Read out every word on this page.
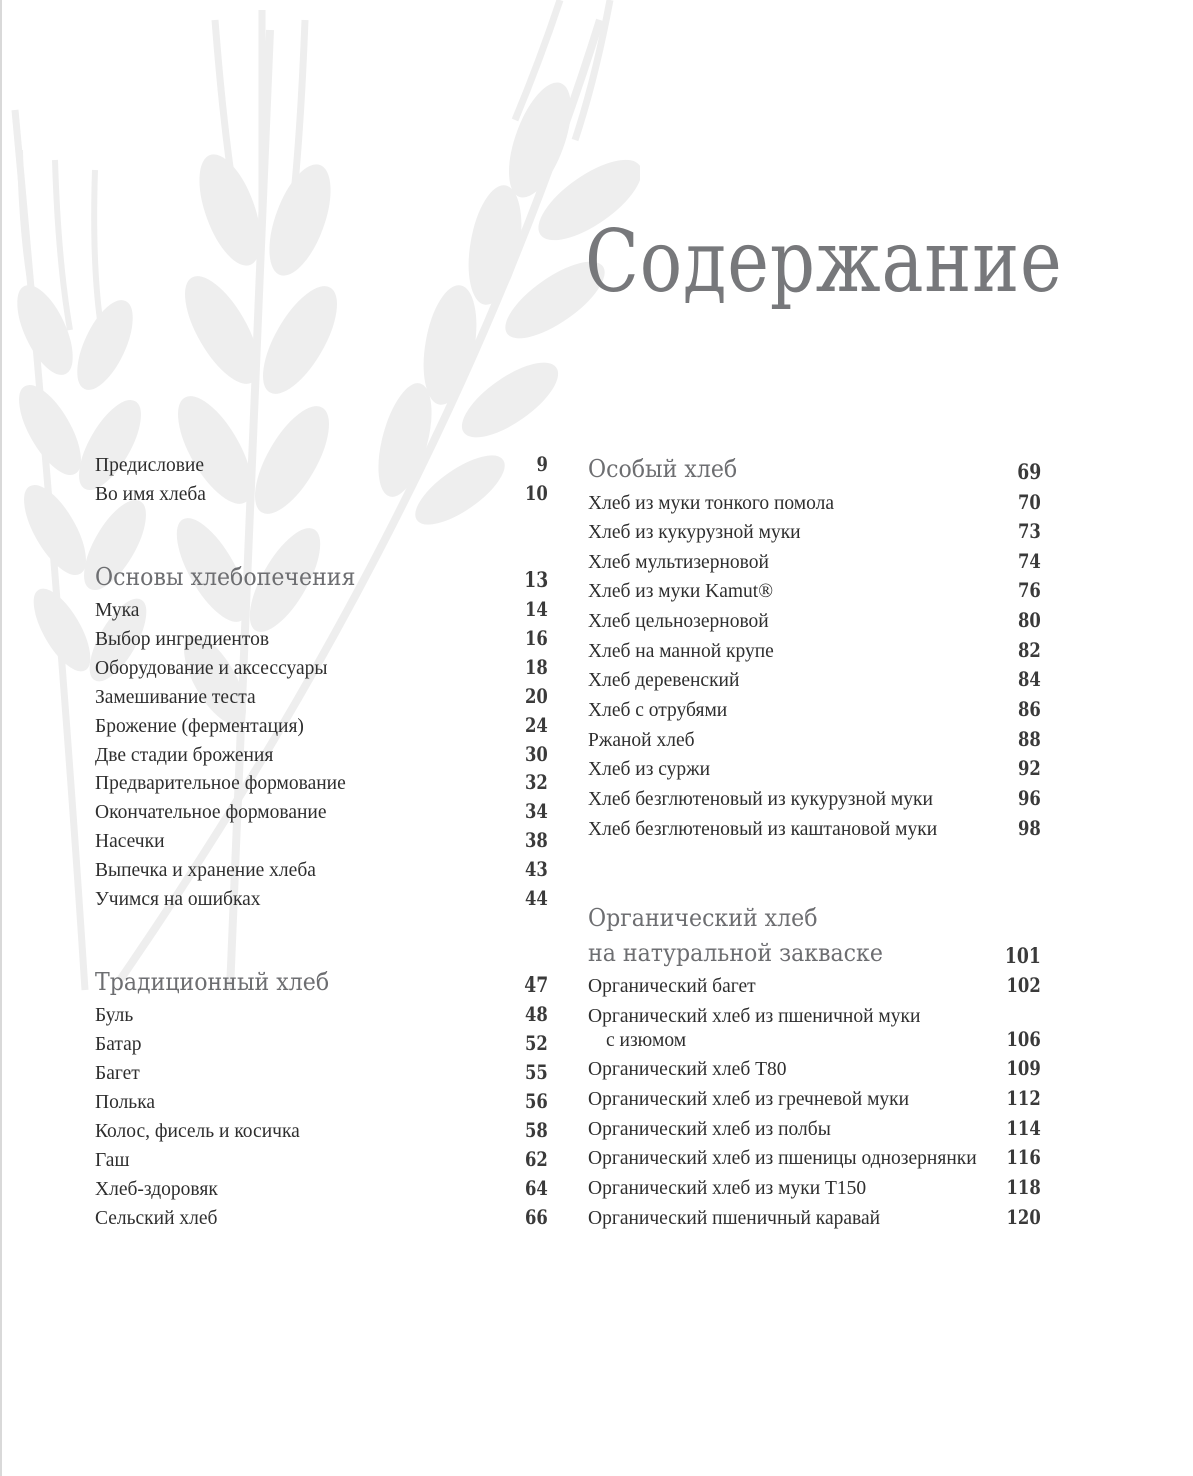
Содержание
Предисловие	9
Во имя хлеба	10
Основы хлебопечения	13
Мука	14
Выбор ингредиентов	16
Оборудование и аксессуары	18
Замешивание теста	20
Брожение (ферментация)	24
Две стадии брожения	30
Предварительное формование	32
Окончательное формование	34
Насечки	38
Выпечка и хранение хлеба	43
Учимся на ошибках	44
Традиционный хлеб	47
Буль	48
Батар	52
Багет	55
Полька	56
Колос, фисель и косичка	58
Гаш	62
Хлеб-здоровяк	64
Сельский хлеб	66
Особый хлеб	69
Хлеб из муки тонкого помола	70
Хлеб из кукурузной муки	73
Хлеб мультизерновой	74
Хлеб из муки Kamut®	76
Хлеб цельнозерновой	80
Хлеб на манной крупе	82
Хлеб деревенский	84
Хлеб с отрубями	86
Ржаной хлеб	88
Хлеб из суржи	92
Хлеб безглютеновый из кукурузной муки	96
Хлеб безглютеновый из каштановой муки	98
Органический хлеб
на натуральной закваске	101
Органический багет	102
Органический хлеб из пшеничной муки
с изюмом	106
Органический хлеб Т80	109
Органический хлеб из гречневой муки	112
Органический хлеб из полбы	114
Органический хлеб из пшеницы однозернянки 116
Органический хлеб из муки Т150	118
Органический пшеничный каравай	120
